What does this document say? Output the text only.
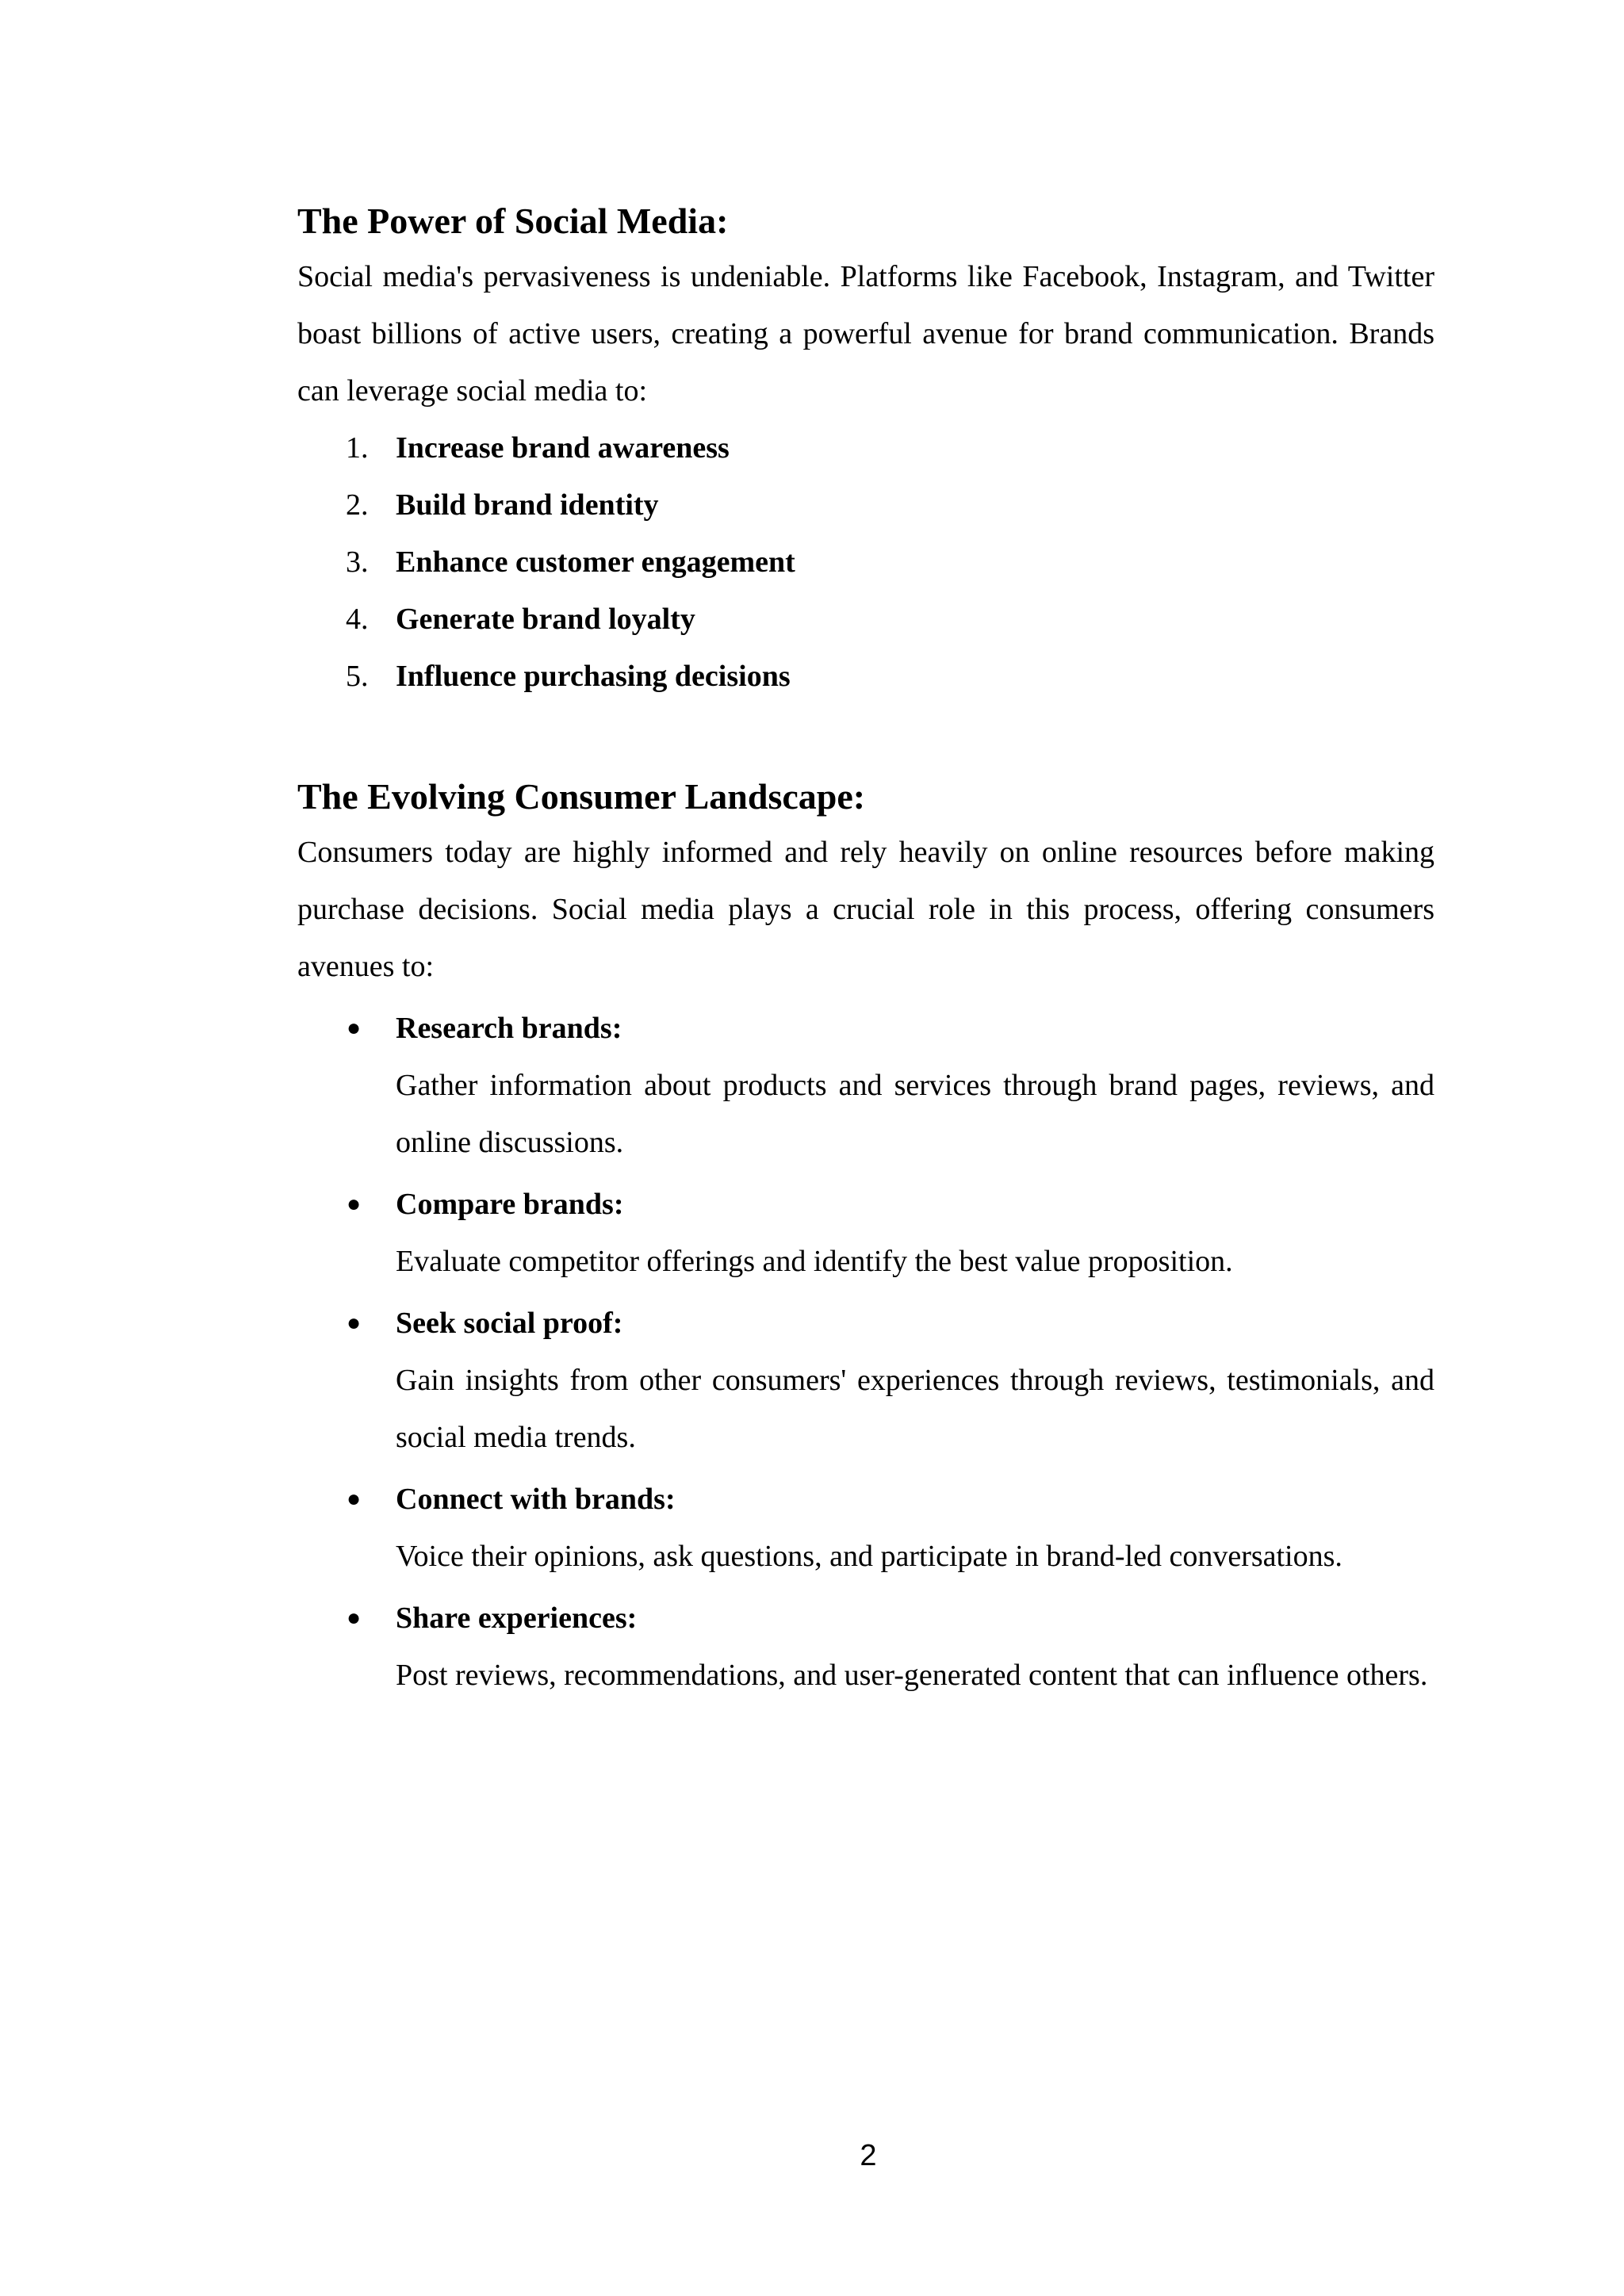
The Power of Social Media:

Social media's pervasiveness is undeniable. Platforms like Facebook, Instagram, and Twitter boast billions of active users, creating a powerful avenue for brand communication. Brands can leverage social media to:

1. Increase brand awareness
2. Build brand identity
3. Enhance customer engagement
4. Generate brand loyalty
5. Influence purchasing decisions
The Evolving Consumer Landscape:

Consumers today are highly informed and rely heavily on online resources before making purchase decisions. Social media plays a crucial role in this process, offering consumers avenues to:

● Research brands:
Gather information about products and services through brand pages, reviews, and online discussions.
● Compare brands:
Evaluate competitor offerings and identify the best value proposition.
● Seek social proof:
Gain insights from other consumers' experiences through reviews, testimonials, and social media trends.
● Connect with brands:
Voice their opinions, ask questions, and participate in brand-led conversations.
● Share experiences:
Post reviews, recommendations, and user-generated content that can influence others.
2
